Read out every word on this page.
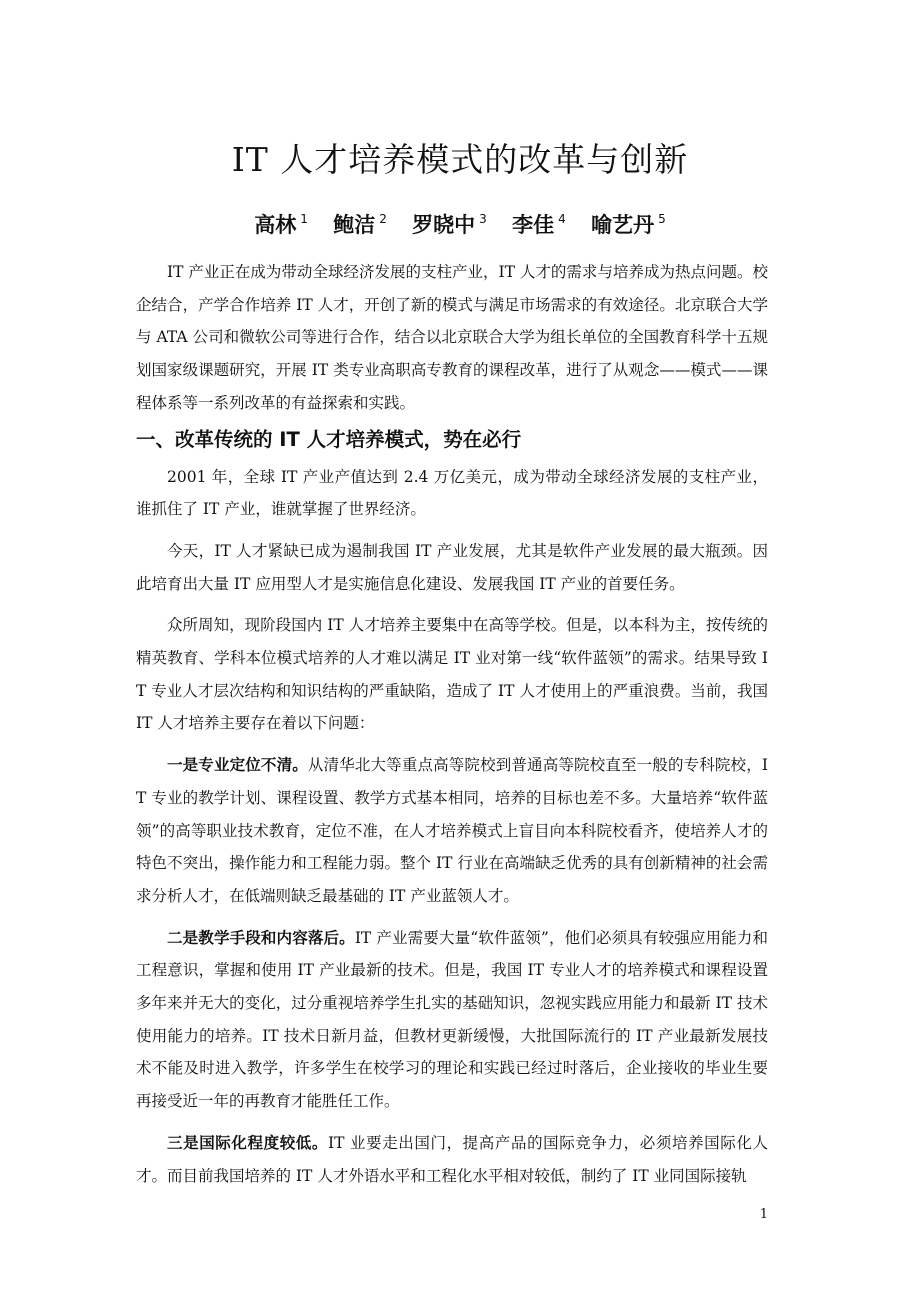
IT 人才培养模式的改革与创新
高林 $^1$ 鲍洁 $^2$ 罗晓中 $^3$ 李佳 $^4$ 喻艺丹 $^5$

IT 产业正在成为带动全球经济发展的支柱产业，IT 人才的需求与培养成为热点问题。校企结合，产学合作培养 IT 人才，开创了新的模式与满足市场需求的有效途径。北京联合大学与 ATA 公司和微软公司等进行合作，结合以北京联合大学为组长单位的全国教育科学十五规划国家级课题研究，开展 IT 类专业高职高专教育的课程改革，进行了从观念——模式——课程体系等一系列改革的有益探索和实践。

一、改革传统的 IT 人才培养模式，势在必行

2001 年，全球 IT 产业产值达到 2.4 万亿美元，成为带动全球经济发展的支柱产业，谁抓住了 IT 产业，谁就掌握了世界经济。

今天，IT 人才紧缺已成为遏制我国 IT 产业发展，尤其是软件产业发展的最大瓶颈。因此培育出大量 IT 应用型人才是实施信息化建设、发展我国 IT 产业的首要任务。

众所周知，现阶段国内 IT 人才培养主要集中在高等学校。但是，以本科为主，按传统的精英教育、学科本位模式培养的人才难以满足 IT 业对第一线“软件蓝领”的需求。结果导致 IT 专业人才层次结构和知识结构的严重缺陷，造成了 IT 人才使用上的严重浪费。当前，我国 IT 人才培养主要存在着以下问题：

一是专业定位不清。从清华北大等重点高等院校到普通高等院校直至一般的专科院校，IT 专业的教学计划、课程设置、教学方式基本相同，培养的目标也差不多。大量培养“软件蓝领”的高等职业技术教育，定位不准，在人才培养模式上盲目向本科院校看齐，使培养人才的特色不突出，操作能力和工程能力弱。整个 IT 行业在高端缺乏优秀的具有创新精神的社会需求分析人才，在低端则缺乏最基础的 IT 产业蓝领人才。

二是教学手段和内容落后。IT 产业需要大量“软件蓝领”，他们必须具有较强应用能力和工程意识，掌握和使用 IT 产业最新的技术。但是，我国 IT 专业人才的培养模式和课程设置多年来并无大的变化，过分重视培养学生扎实的基础知识，忽视实践应用能力和最新 IT 技术使用能力的培养。IT 技术日新月益，但教材更新缓慢，大批国际流行的 IT 产业最新发展技术不能及时进入教学，许多学生在校学习的理论和实践已经过时落后，企业接收的毕业生要再接受近一年的再教育才能胜任工作。

三是国际化程度较低。IT 业要走出国门，提高产品的国际竞争力，必须培养国际化人才。而目前我国培养的 IT 人才外语水平和工程化水平相对较低，制约了 IT 业同国际接轨

1
